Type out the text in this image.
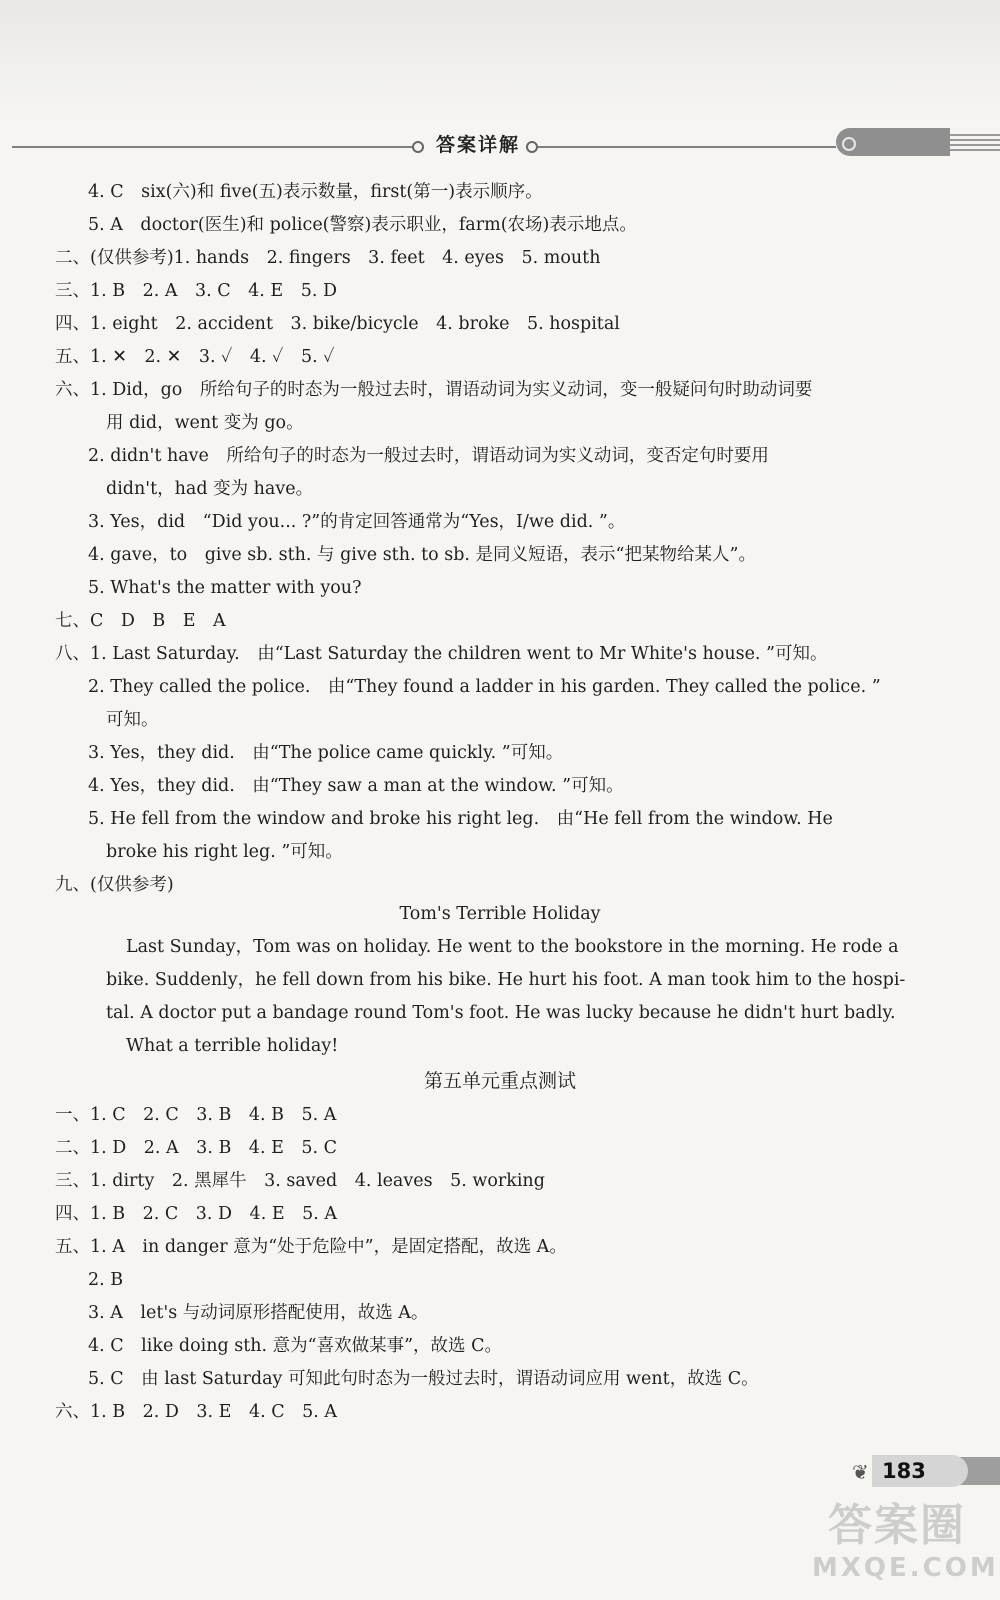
答案详解
4. C　six(六)和 five(五)表示数量，first(第一)表示顺序。
5. A　doctor(医生)和 police(警察)表示职业，farm(农场)表示地点。
二、(仅供参考)1. hands　2. fingers　3. feet　4. eyes　5. mouth
三、1. B　2. A　3. C　4. E　5. D
四、1. eight　2. accident　3. bike/bicycle　4. broke　5. hospital
五、1. ✕　2. ✕　3. ✓　4. ✓　5. ✓
六、1. Did，go　所给句子的时态为一般过去时，谓语动词为实义动词，变一般疑问句时助动词要
用 did，went 变为 go。
2. didn't have　所给句子的时态为一般过去时，谓语动词为实义动词，变否定句时要用
didn't，had 变为 have。
3. Yes，did　“Did you... ?”的肯定回答通常为“Yes，I/we did. ”。
4. gave，to　give sb. sth. 与 give sth. to sb. 是同义短语，表示“把某物给某人”。
5. What's the matter with you?
七、C　D　B　E　A
八、1. Last Saturday.　由“Last Saturday the children went to Mr White's house. ”可知。
2. They called the police.　由“They found a ladder in his garden. They called the police. ”
可知。
3. Yes，they did.　由“The police came quickly. ”可知。
4. Yes，they did.　由“They saw a man at the window. ”可知。
5. He fell from the window and broke his right leg.　由“He fell from the window. He
broke his right leg. ”可知。
九、(仅供参考)
Tom's Terrible Holiday
Last Sunday，Tom was on holiday. He went to the bookstore in the morning. He rode a
bike. Suddenly，he fell down from his bike. He hurt his foot. A man took him to the hospi-
tal. A doctor put a bandage round Tom's foot. He was lucky because he didn't hurt badly.
What a terrible holiday!
第五单元重点测试
一、1. C　2. C　3. B　4. B　5. A
二、1. D　2. A　3. B　4. E　5. C
三、1. dirty　2. 黑犀牛　3. saved　4. leaves　5. working
四、1. B　2. C　3. D　4. E　5. A
五、1. A　in danger 意为“处于危险中”，是固定搭配，故选 A。
2. B
3. A　let's 与动词原形搭配使用，故选 A。
4. C　like doing sth. 意为“喜欢做某事”，故选 C。
5. C　由 last Saturday 可知此句时态为一般过去时，谓语动词应用 went，故选 C。
六、1. B　2. D　3. E　4. C　5. A
183
❦
答案圈
MXQE.COM
